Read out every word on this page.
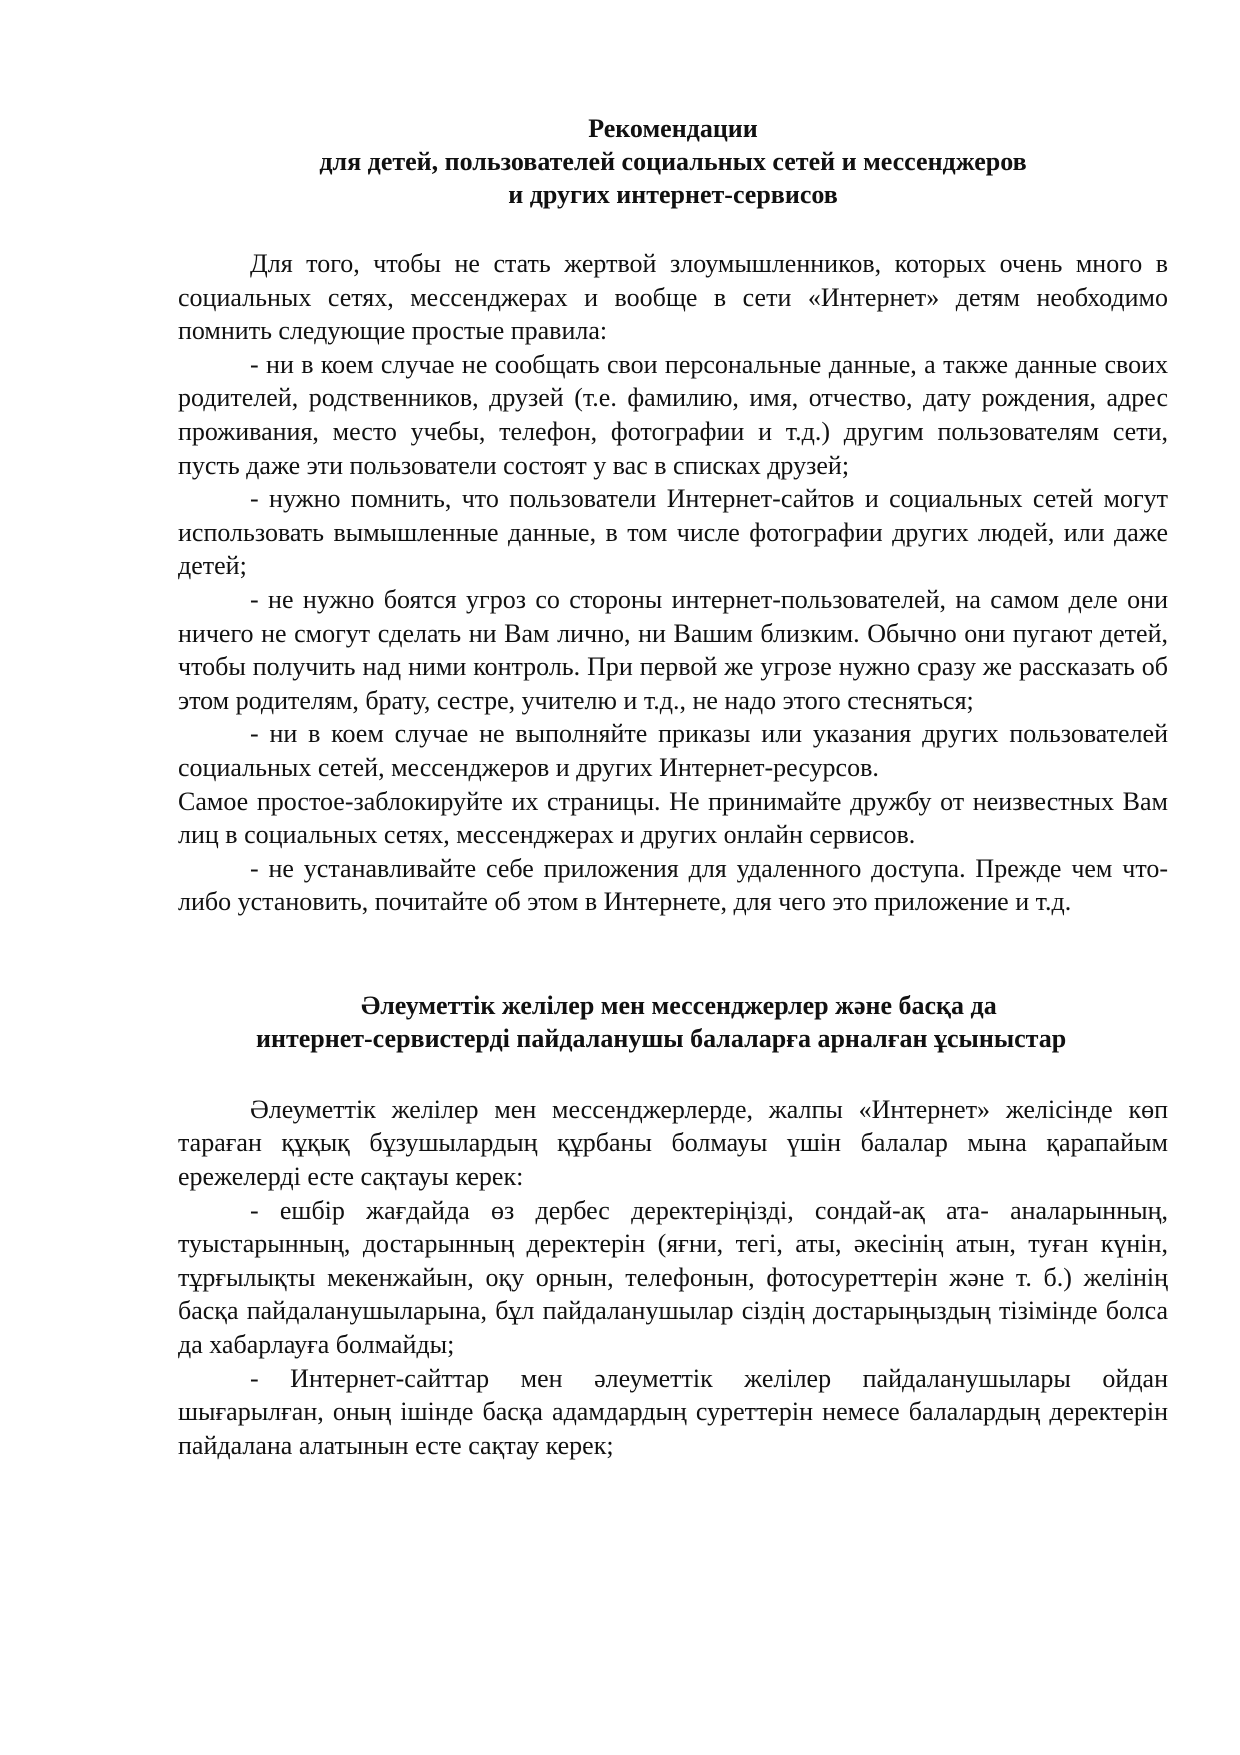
Рекомендации
для детей, пользователей социальных сетей и мессенджеров
и других интернет-сервисов

Для того, чтобы не стать жертвой злоумышленников, которых очень много в социальных сетях, мессенджерах и вообще в сети «Интернет» детям необходимо помнить следующие простые правила:

- ни в коем случае не сообщать свои персональные данные, а также данные своих родителей, родственников, друзей (т.е. фамилию, имя, отчество, дату рождения, адрес проживания, место учебы, телефон, фотографии и т.д.) другим пользователям сети, пусть даже эти пользователи состоят у вас в списках друзей;

- нужно помнить, что пользователи Интернет-сайтов и социальных сетей могут использовать вымышленные данные, в том числе фотографии других людей, или даже детей;

- не нужно боятся угроз со стороны интернет-пользователей, на самом деле они ничего не смогут сделать ни Вам лично, ни Вашим близким. Обычно они пугают детей, чтобы получить над ними контроль. При первой же угрозе нужно сразу же рассказать об этом родителям, брату, сестре, учителю и т.д., не надо этого стесняться;

- ни в коем случае не выполняйте приказы или указания других пользователей социальных сетей, мессенджеров и других Интернет-ресурсов.

Самое простое-заблокируйте их страницы. Не принимайте дружбу от неизвестных Вам лиц в социальных сетях, мессенджерах и других онлайн сервисов.

- не устанавливайте себе приложения для удаленного доступа. Прежде чем что-либо установить, почитайте об этом в Интернете, для чего это приложение и т.д.

Әлеуметтік желілер мен мессенджерлер және басқа да
интернет-сервистерді пайдаланушы балаларға арналған ұсыныстар

Әлеуметтік желілер мен мессенджерлерде, жалпы «Интернет» желісінде көп тараған құқық бұзушылардың құрбаны болмауы үшін балалар мына қарапайым ережелерді есте сақтауы керек:

- ешбір жағдайда өз дербес деректеріңізді, сондай-ақ ата- аналарынның, туыстарынның, достарынның деректерін (яғни, тегі, аты, әкесінің атын, туған күнін, тұрғылықты мекенжайын, оқу орнын, телефонын, фотосуреттерін және т. б.) желінің басқа пайдаланушыларына, бұл пайдаланушылар сіздің достарыңыздың тізімінде болса да хабарлауға болмайды;

- Интернет-сайттар мен әлеуметтік желілер пайдаланушылары ойдан шығарылған, оның ішінде басқа адамдардың суреттерін немесе балалардың деректерін пайдалана алатынын есте сақтау керек;
